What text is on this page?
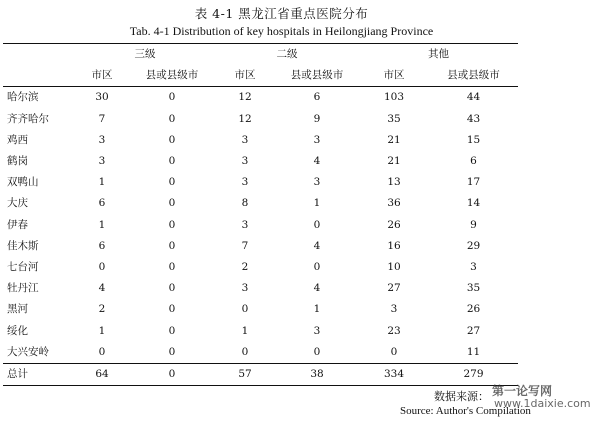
表 4-1 黑龙江省重点医院分布
Tab. 4-1 Distribution of key hospitals in Heilongjiang Province
	三级		二级		其他	
	市区	县或县级市	市区	县或县级市	市区	县或县级市
哈尔滨	30	0	12	6	103	44
齐齐哈尔	7	0	12	9	35	43
鸡西	3	0	3	3	21	15
鹤岗	3	0	3	4	21	6
双鸭山	1	0	3	3	13	17
大庆	6	0	8	1	36	14
伊春	1	0	3	0	26	9
佳木斯	6	0	7	4	16	29
七台河	0	0	2	0	10	3
牡丹江	4	0	3	4	27	35
黑河	2	0	0	1	3	26
绥化	1	0	1	3	23	27
大兴安岭	0	0	0	0	0	11
总计	64	0	57	38	334	279
数据来源：
Source: Author's Compilation
第一论写网
www.1daixie.com
